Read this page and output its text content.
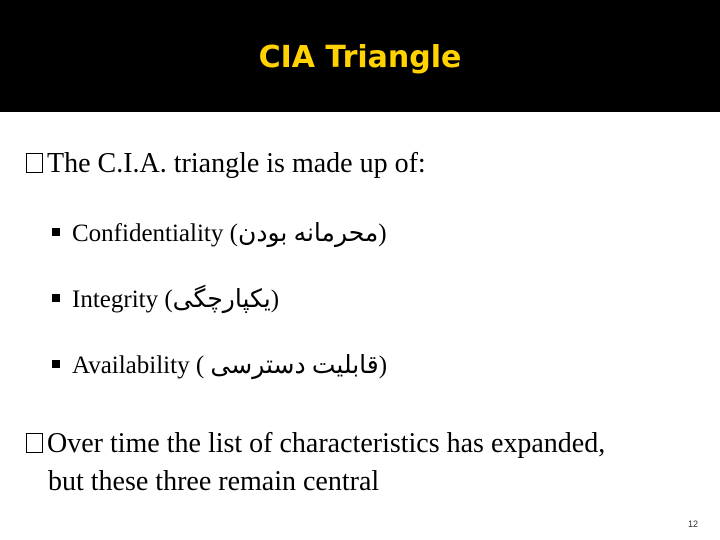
CIA Triangle
The C.I.A. triangle is made up of:
Confidentiality (محرمانه بودن)
Integrity (یکپارچگی)
Availability ( قابلیت دسترسی)
Over time the list of characteristics has expanded,
but these three remain central
12
